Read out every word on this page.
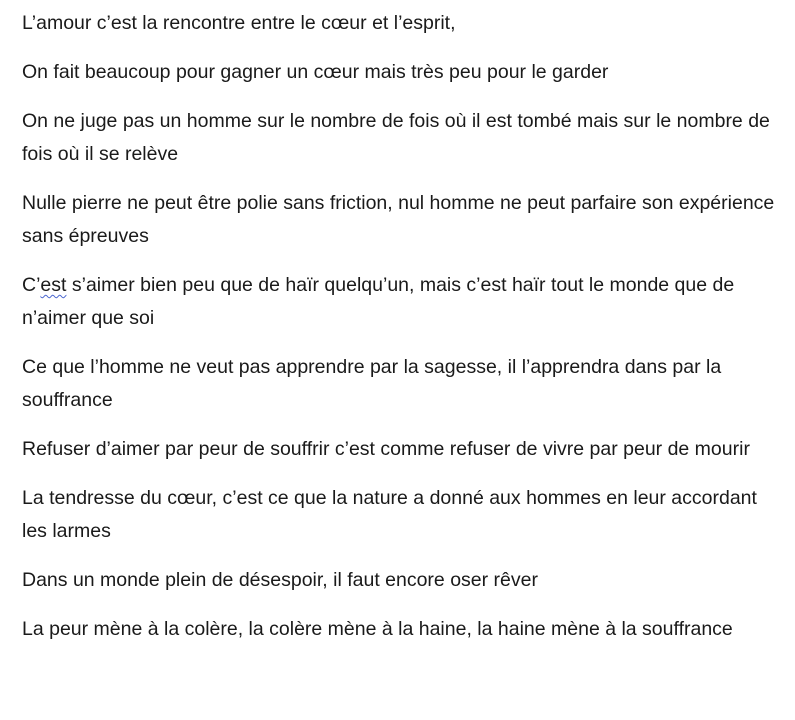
L’amour c’est la rencontre entre le cœur et l’esprit,

On fait beaucoup pour gagner un cœur mais très peu pour le garder

On ne juge pas un homme sur le nombre de fois où il est tombé mais sur le nombre de fois où il se relève

Nulle pierre ne peut être polie sans friction, nul homme ne peut parfaire son expérience sans épreuves

C’est s’aimer bien peu que de haïr quelqu’un, mais c’est haïr tout le monde que de n’aimer que soi

Ce que l’homme ne veut pas apprendre par la sagesse, il l’apprendra dans par la souffrance

Refuser d’aimer par peur de souffrir c’est comme refuser de vivre par peur de mourir

La tendresse du cœur, c’est ce que la nature a donné aux hommes en leur accordant les larmes

Dans un monde plein de désespoir, il faut encore oser rêver

La peur mène à la colère, la colère mène à la haine, la haine mène à la souffrance
